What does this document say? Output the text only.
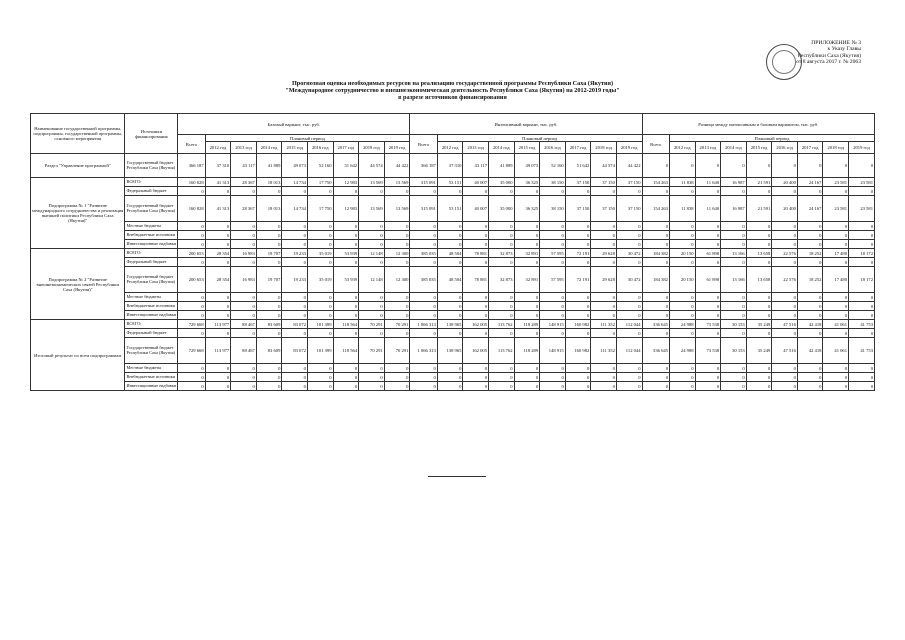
ПРИЛОЖЕНИЕ № 3
к Указу Главы
Республики Саха (Якутия)
от 8 августа 2017 г. № 2063
Прогнозная оценка необходимых ресурсов на реализацию государственной программы Республики Саха (Якутия)
"Международное сотрудничество и внешнеэкономическая деятельность Республики Саха (Якутия) на 2012-2019 годы"
в разрезе источников финансирования
Наименование государственной программы, подпрограммы, государственной программы, основного мероприятия	Источники финансирования	Базовый вариант, тыс. руб.									Интенсивный вариант, тыс. руб.									Разница между интенсивным и базовым вариантом, тыс. руб.								
		Всего	Плановый период								Всего	Плановый период								Всего	Плановый период							
			2012 год	2013 год	2014 год	2015 год	2016 год	2017 год	2018 год	2019 год		2012 год	2013 год	2014 год	2015 год	2016 год	2017 год	2018 год	2019 год		2012 год	2013 год	2014 год	2015 год	2016 год	2017 год	2018 год	2019 год
Раздел "Управление программой"	Государственный бюджет Республики Саха (Якутия)	366 187	37 310	43 117	41 889	49 073	52 160	51 642	44 574	44 422	366 187	37 310	43 117	41 889	49 073	52 160	51 642	44 574	44 422	0	0	0	0	0	0	0	0	0
Подпрограмма № 1 "Развитие международного сотрудничества и реализация внешней политики Республики Саха (Якутия)"	ВСЕГО:	160 828	41 313	28 367	18 013	14 734	17 750	12 983	13 569	13 569	315 091	53 151	40 007	35 000	36 325	38 150	37 150	37 150	37 150	154 263	11 838	11 640	16 987	21 591	20 400	24 167	23 581	23 581
	Федеральный бюджет	0	0	0	0	0	0	0	0	0	0	0	0	0	0	0	0	0	0	0	0	0	0	0	0	0	0	0
	Государственный бюджет Республики Саха (Якутия)	160 828	41 313	28 367	18 013	14 734	17 750	12 983	13 569	13 569	315 091	53 151	40 007	35 000	36 325	38 150	37 150	37 150	37 150	154 263	11 838	11 640	16 987	21 591	20 400	24 167	23 581	23 581
	Местные бюджеты	0	0	0	0	0	0	0	0	0	0	0	0	0	0	0	0	0	0	0	0	0	0	0	0	0	0	0
	Внебюджетные источники	0	0	0	0	0	0	0	0	0	0	0	0	0	0	0	0	0	0	0	0	0	0	0	0	0	0	0
	Инвестиционные надбавки	0	0	0	0	0	0	0	0	0	0	0	0	0	0	0	0	0	0	0	0	0	0	0	0	0	0	0
Подпрограмма № 2 "Развитие внешнеэкономических связей Республики Саха (Якутия)"	ВСЕГО:	200 653	28 354	16 983	19 707	19 233	35 019	53 939	12 148	12 300	385 035	48 504	78 881	32 873	32 891	57 595	72 191	29 628	30 472	184 382	20 150	61 898	13 166	13 658	22 576	18 252	17 480	18 172
	Федеральный бюджет	0	0	0	0	0	0	0	0	0	0	0	0	0	0	0	0	0	0	0	0	0	0	0	0	0	0	0
	Государственный бюджет Республики Саха (Якутия)	200 653	28 354	16 983	19 707	19 233	35 019	53 939	12 148	12 300	385 035	48 504	78 881	32 873	32 891	57 595	72 191	29 628	30 472	184 382	20 150	61 898	13 166	13 658	22 576	18 252	17 480	18 172
	Местные бюджеты	0	0	0	0	0	0	0	0	0	0	0	0	0	0	0	0	0	0	0	0	0	0	0	0	0	0	0
	Внебюджетные источники	0	0	0	0	0	0	0	0	0	0	0	0	0	0	0	0	0	0	0	0	0	0	0	0	0	0	0
	Инвестиционные надбавки	0	0	0	0	0	0	0	0	0	0	0	0	0	0	0	0	0	0	0	0	0	0	0	0	0	0	0
Итоговый результат по всем подпрограммам	ВСЕГО:	729 668	113 977	88 467	83 609	83 072	101 399	118 564	70 291	70 291	1 066 313	138 965	162 005	113 762	118 289	148 915	160 982	111 352	112 044	336 645	24 988	73 538	30 153	35 249	47 516	42 418	41 061	41 753
	Федеральный бюджет	0	0	0	0	0	0	0	0	0	0	0	0	0	0	0	0	0	0	0	0	0	0	0	0	0	0	0
	Государственный бюджет Республики Саха (Якутия)	729 668	113 977	88 467	83 609	83 072	101 399	118 564	70 291	70 291	1 066 313	138 965	162 005	113 762	118 289	148 915	160 982	111 352	112 044	336 645	24 988	73 538	30 153	35 249	47 516	42 418	41 061	41 753
	Местные бюджеты	0	0	0	0	0	0	0	0	0	0	0	0	0	0	0	0	0	0	0	0	0	0	0	0	0	0	0
	Внебюджетные источники	0	0	0	0	0	0	0	0	0	0	0	0	0	0	0	0	0	0	0	0	0	0	0	0	0	0	0
	Инвестиционные надбавки	0	0	0	0	0	0	0	0	0	0	0	0	0	0	0	0	0	0	0	0	0	0	0	0	0	0	0
